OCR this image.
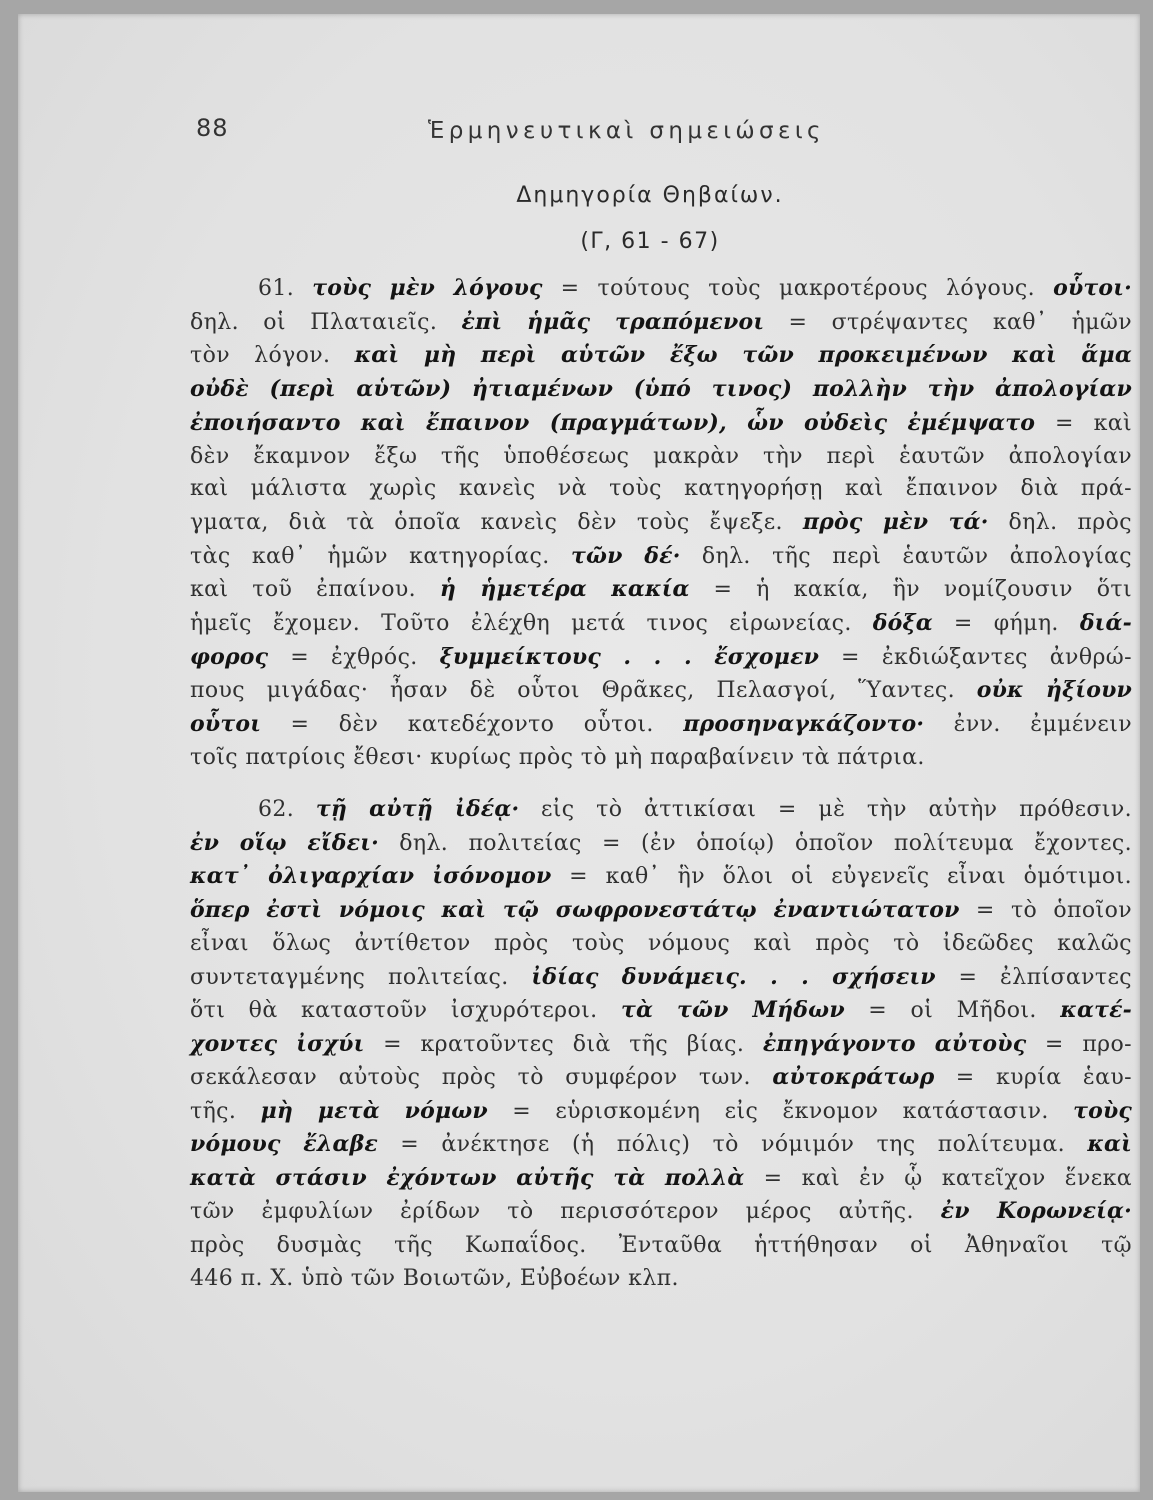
88	Ἑρμηνευτικαὶ σημειώσεις
Δημηγορία Θηβαίων.
(Γ, 61 - 67)
61. τοὺς μὲν λόγους = τούτους τοὺς μακροτέρους λόγους. οὗτοι·
δηλ. οἱ Πλαταιεῖς. ἐπὶ ἡμᾶς τραπόμενοι = στρέψαντες καθ᾽ ἡμῶν
τὸν λόγον. καὶ μὴ περὶ αὑτῶν ἔξω τῶν προκειμένων καὶ ἅμα
οὐδὲ (περὶ αὑτῶν) ἠτιαμένων (ὑπό τινος) πολλὴν τὴν ἀπολογίαν
ἐποιήσαντο καὶ ἔπαινον (πραγμάτων), ὧν οὐδεὶς ἐμέμψατο = καὶ
δὲν ἔκαμνον ἔξω τῆς ὑποθέσεως μακρὰν τὴν περὶ ἑαυτῶν ἀπολογίαν
καὶ μάλιστα χωρὶς κανεὶς νὰ τοὺς κατηγορήσῃ καὶ ἔπαινον διὰ πρά-
γματα, διὰ τὰ ὁποῖα κανεὶς δὲν τοὺς ἔψεξε. πρὸς μὲν τά· δηλ. πρὸς
τὰς καθ᾽ ἡμῶν κατηγορίας. τῶν δέ· δηλ. τῆς περὶ ἑαυτῶν ἀπολογίας
καὶ τοῦ ἐπαίνου. ἡ ἡμετέρα κακία = ἡ κακία, ἣν νομίζουσιν ὅτι
ἡμεῖς ἔχομεν. Τοῦτο ἐλέχθη μετά τινος εἰρωνείας. δόξα = φήμη. διά-
φορος = ἐχθρός. ξυμμείκτους . . . ἔσχομεν = ἐκδιώξαντες ἀνθρώ-
πους μιγάδας· ἦσαν δὲ οὗτοι Θρᾶκες, Πελασγοί, Ὕαντες. οὐκ ἠξίουν
οὗτοι = δὲν κατεδέχοντο οὗτοι. προσηναγκάζοντο· ἐνν. ἐμμένειν
τοῖς πατρίοις ἔθεσι· κυρίως πρὸς τὸ μὴ παραβαίνειν τὰ πάτρια.
62. τῇ αὐτῇ ἰδέᾳ· εἰς τὸ ἀττικίσαι = μὲ τὴν αὐτὴν πρόθεσιν.
ἐν οἵῳ εἴδει· δηλ. πολιτείας = (ἐν ὁποίῳ) ὁποῖον πολίτευμα ἔχοντες.
κατ᾽ ὀλιγαρχίαν ἰσόνομον = καθ᾽ ἣν ὅλοι οἱ εὐγενεῖς εἶναι ὁμότιμοι.
ὅπερ ἐστὶ νόμοις καὶ τῷ σωφρονεστάτῳ ἐναντιώτατον = τὸ ὁποῖον
εἶναι ὅλως ἀντίθετον πρὸς τοὺς νόμους καὶ πρὸς τὸ ἰδεῶδες καλῶς
συντεταγμένης πολιτείας. ἰδίας δυνάμεις. . . σχήσειν = ἐλπίσαντες
ὅτι θὰ καταστοῦν ἰσχυρότεροι. τὰ τῶν Μήδων = οἱ Μῆδοι. κατέ-
χοντες ἰσχύι = κρατοῦντες διὰ τῆς βίας. ἐπηγάγοντο αὐτοὺς = προ-
σεκάλεσαν αὐτοὺς πρὸς τὸ συμφέρον των. αὐτοκράτωρ = κυρία ἑαυ-
τῆς. μὴ μετὰ νόμων = εὑρισκομένη εἰς ἔκνομον κατάστασιν. τοὺς
νόμους ἔλαβε = ἀνέκτησε (ἡ πόλις) τὸ νόμιμόν της πολίτευμα. καὶ
κατὰ στάσιν ἐχόντων αὐτῆς τὰ πολλὰ = καὶ ἐν ᾧ κατεῖχον ἕνεκα
τῶν ἐμφυλίων ἐρίδων τὸ περισσότερον μέρος αὐτῆς. ἐν Κορωνείᾳ·
πρὸς δυσμὰς τῆς Κωπαΐδος. Ἐνταῦθα ἡττήθησαν οἱ Ἀθηναῖοι τῷ
446 π. Χ. ὑπὸ τῶν Βοιωτῶν, Εὐβοέων κλπ.
